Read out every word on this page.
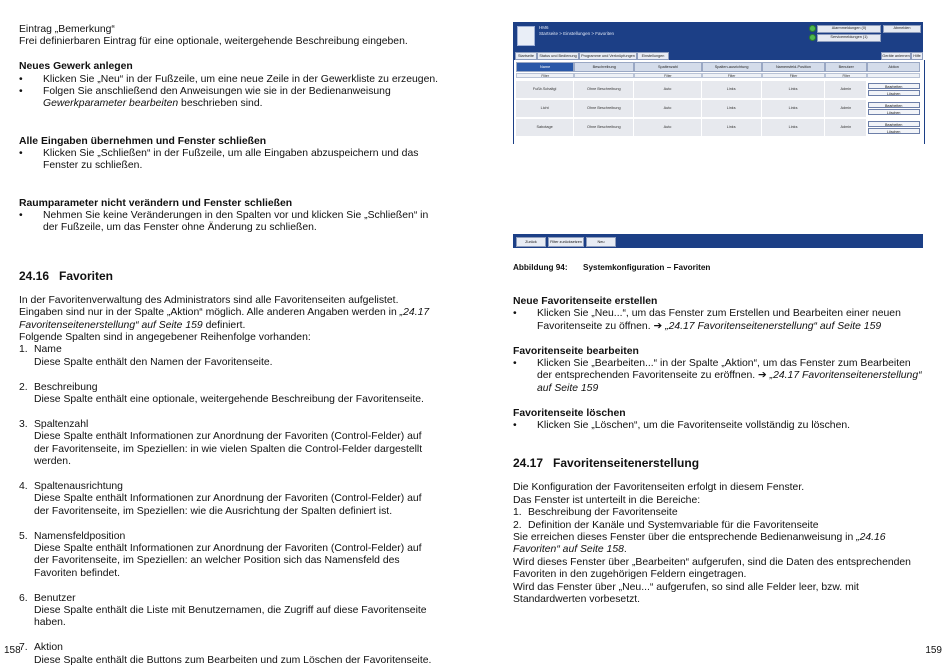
Eintrag „Bemerkung“

Frei definierbaren Eintrag für eine optionale, weitergehende Beschreibung eingeben.

Neues Gewerk anlegen

•	Klicken Sie „Neu“ in der Fußzeile, um eine neue Zeile in der Gewerkliste zu erzeugen.
•	Folgen Sie anschließend den Anweisungen wie sie in der Bedienanweisung
Gewerkparameter bearbeiten beschrieben sind.

Alle Eingaben übernehmen und Fenster schließen

•	Klicken Sie „Schließen“ in der Fußzeile, um alle Eingaben abzuspeichern und das Fenster zu schließen.

Raumparameter nicht verändern und Fenster schließen

•	Nehmen Sie keine Veränderungen in den Spalten vor und klicken Sie „Schließen“ in der Fußzeile, um das Fenster ohne Änderung zu schließen.

24.16 Favoriten

In der Favoritenverwaltung des Administrators sind alle Favoritenseiten aufgelistet.

Eingaben sind nur in der Spalte „Aktion“ möglich. Alle anderen Angaben werden in „24.17 Favoritenseitenerstellung“ auf Seite 159 definiert.

Folgende Spalten sind in angegebener Reihenfolge vorhanden:

1. Name

Diese Spalte enthält den Namen der Favoritenseite.

2. Beschreibung

Diese Spalte enthält eine optionale, weitergehende Beschreibung der Favoritenseite.

3. Spaltenzahl

Diese Spalte enthält Informationen zur Anordnung der Favoriten (Control-Felder) auf der Favoritenseite, im Speziellen: in wie vielen Spalten die Control-Felder dargestellt werden.

4. Spaltenausrichtung

Diese Spalte enthält Informationen zur Anordnung der Favoriten (Control-Felder) auf der Favoritenseite, im Speziellen: wie die Ausrichtung der Spalten definiert ist.

5. Namensfeldposition

Diese Spalte enthält Informationen zur Anordnung der Favoriten (Control-Felder) auf der Favoritenseite, im Speziellen: an welcher Position sich das Namensfeld des Favoriten befindet.

6. Benutzer

Diese Spalte enthält die Liste mit Benutzernamen, die Zugriff auf diese Favoritenseite haben.

7. Aktion

Diese Spalte enthält die Buttons zum Bearbeiten und zum Löschen der Favoritenseite.

158
HM6
Startseite > Einstellungen > Favoriten
Alarmmeldungen (0)	Abmelden
Servicemeldungen (1)
Startseite	Status und Bedienung	Programme und Verknüpfungen	Einstellungen	Geräte anlernen Hilfe
Name	Beschreibung	Spaltenzahl	Spalten-ausrichtung	Namensfeld-Position	Benutzer	Aktion
Filter	Filter	Filter	Filter	Filter
Fußb.Schaltgl	Ohne Beschreibung	Auto	Links	Links	Admin	Bearbeiten
Löschen
Licht	Ohne Beschreibung	Auto	Links	Links	Admin	Bearbeiten
Löschen
Sabotage	Ohne Beschreibung	Auto	Links	Links	Admin	Bearbeiten
Löschen
Zurück	Filter zurücksetzen	Neu
Abbildung 94: Systemkonfiguration – Favoriten

Neue Favoritenseite erstellen

•	Klicken Sie „Neu...“, um das Fenster zum Erstellen und Bearbeiten einer neuen Favoritenseite zu öffnen. ➔ „24.17 Favoritenseitenerstellung“ auf Seite 159

Favoritenseite bearbeiten

•	Klicken Sie „Bearbeiten...“ in der Spalte „Aktion“, um das Fenster zum Bearbeiten der entsprechenden Favoritenseite zu eröffnen. ➔ „24.17 Favoritenseitenerstellung“ auf Seite 159

Favoritenseite löschen

•	Klicken Sie „Löschen“, um die Favoritenseite vollständig zu löschen.

24.17 Favoritenseitenerstellung

Die Konfiguration der Favoritenseiten erfolgt in diesem Fenster.

Das Fenster ist unterteilt in die Bereiche:

1. Beschreibung der Favoritenseite
2. Definition der Kanäle und Systemvariable für die Favoritenseite

Sie erreichen dieses Fenster über die entsprechende Bedienanweisung in „24.16 Favoriten“ auf Seite 158.

Wird dieses Fenster über „Bearbeiten“ aufgerufen, sind die Daten des entsprechenden Favoriten in den zugehörigen Feldern eingetragen.

Wird das Fenster über „Neu...“ aufgerufen, so sind alle Felder leer, bzw. mit Standardwerten vorbesetzt.

159
